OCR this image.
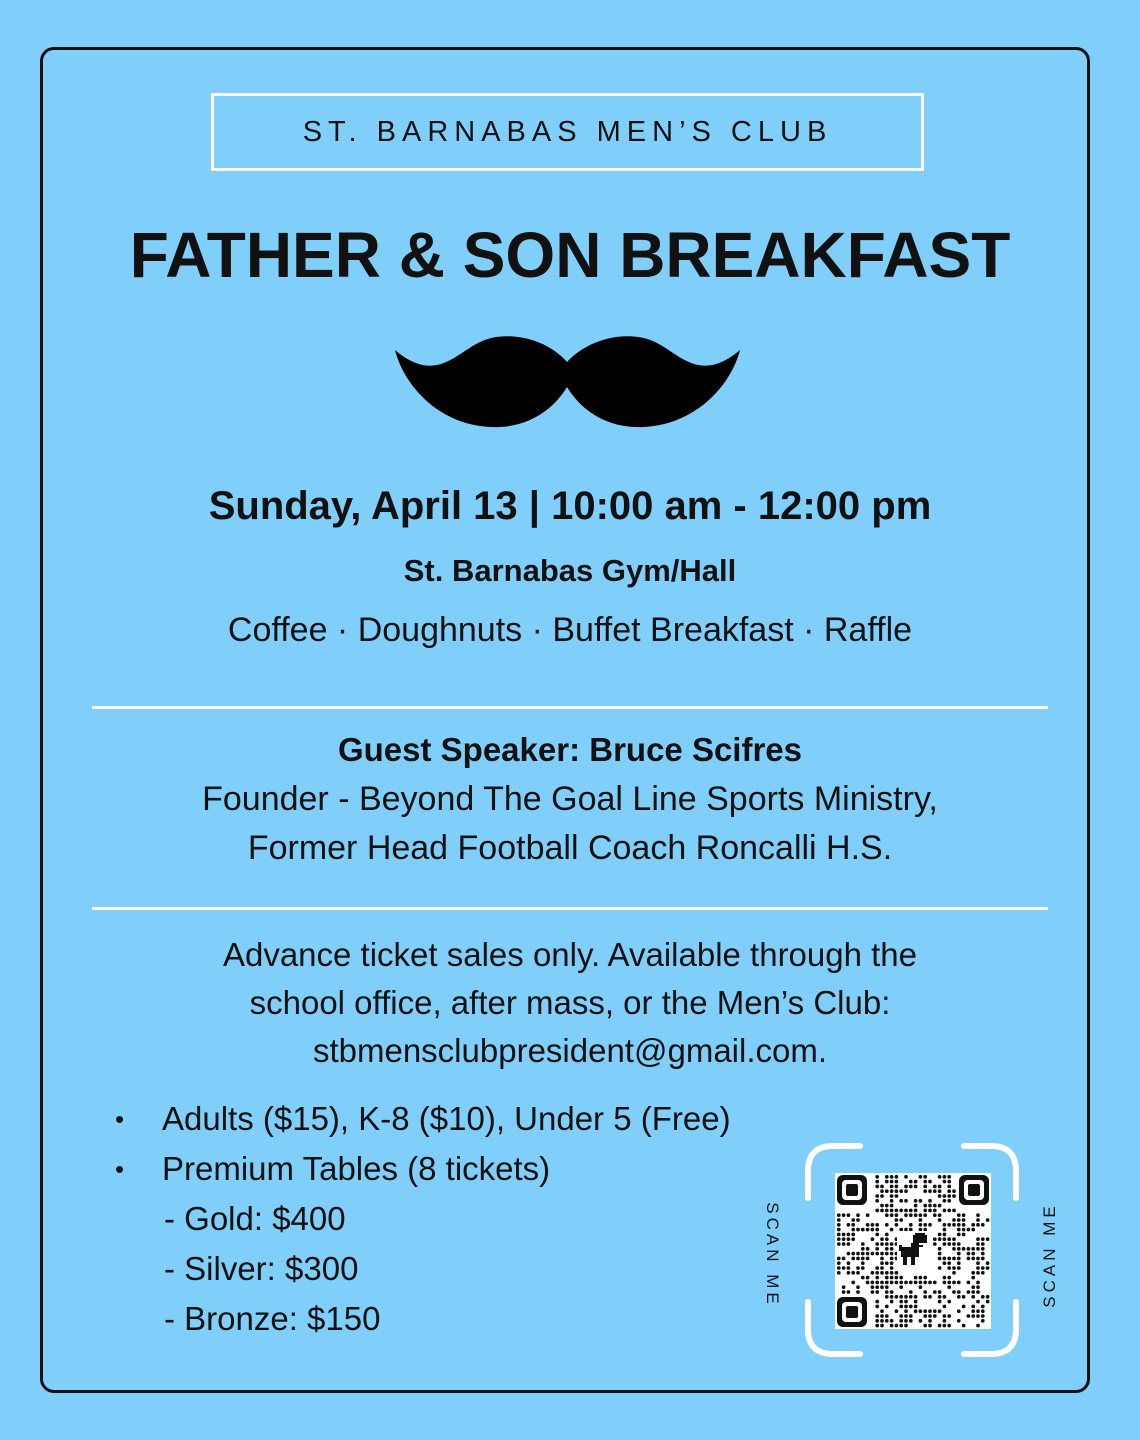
ST. BARNABAS MEN’S CLUB
FATHER & SON BREAKFAST
Sunday, April 13 | 10:00 am - 12:00 pm
St. Barnabas Gym/Hall
Coffee · Doughnuts · Buffet Breakfast · Raffle
Guest Speaker: Bruce Scifres
Founder - Beyond The Goal Line Sports Ministry,
Former Head Football Coach Roncalli H.S.
Advance ticket sales only. Available through the
school office, after mass, or the Men’s Club:
stbmensclubpresident@gmail.com.
• Adults ($15), K-8 ($10), Under 5 (Free)
• Premium Tables (8 tickets)
- Gold: $400
- Silver: $300
- Bronze: $150
SCAN ME	SCAN ME
